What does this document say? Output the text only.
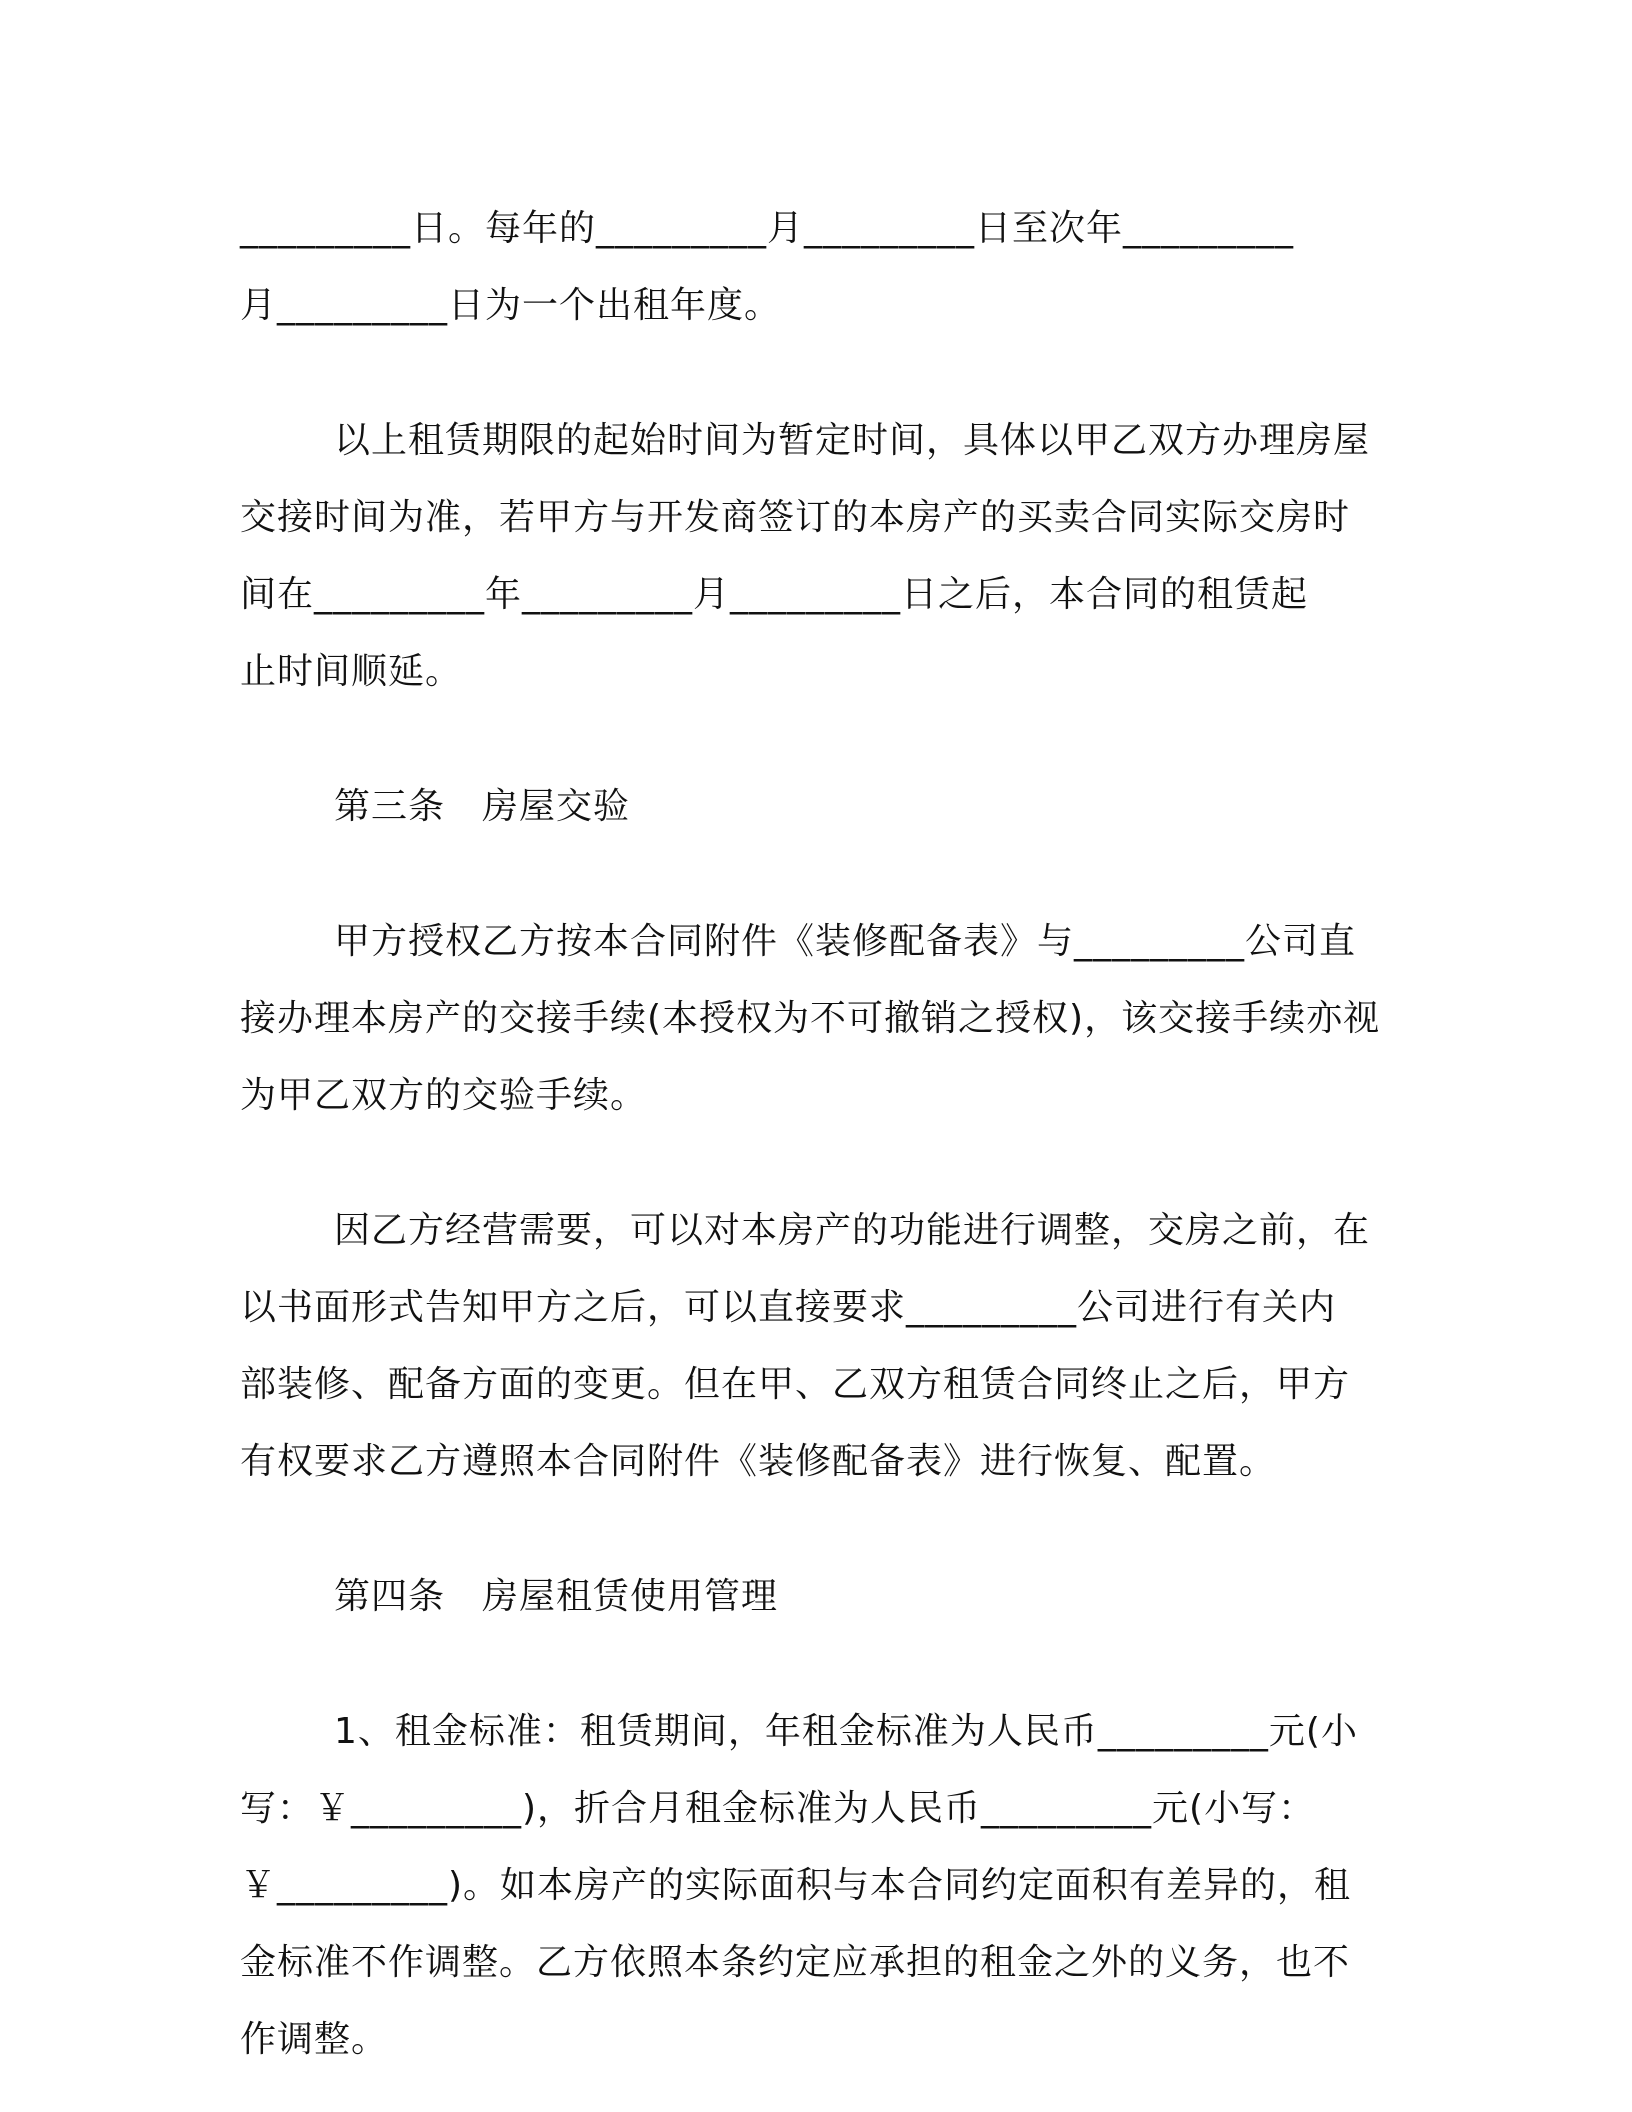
_________日。每年的_________月_________日至次年_________
月_________日为一个出租年度。
以上租赁期限的起始时间为暂定时间，具体以甲乙双方办理房屋
交接时间为准，若甲方与开发商签订的本房产的买卖合同实际交房时
间在_________年_________月_________日之后，本合同的租赁起
止时间顺延。
第三条　房屋交验
甲方授权乙方按本合同附件《装修配备表》与_________公司直
接办理本房产的交接手续(本授权为不可撤销之授权)，该交接手续亦视
为甲乙双方的交验手续。
因乙方经营需要，可以对本房产的功能进行调整，交房之前，在
以书面形式告知甲方之后，可以直接要求_________公司进行有关内
部装修、配备方面的变更。但在甲、乙双方租赁合同终止之后，甲方
有权要求乙方遵照本合同附件《装修配备表》进行恢复、配置。
第四条　房屋租赁使用管理
1、租金标准：租赁期间，年租金标准为人民币_________元(小
写：￥_________)，折合月租金标准为人民币_________元(小写：
￥_________)。如本房产的实际面积与本合同约定面积有差异的，租
金标准不作调整。乙方依照本条约定应承担的租金之外的义务，也不
作调整。
